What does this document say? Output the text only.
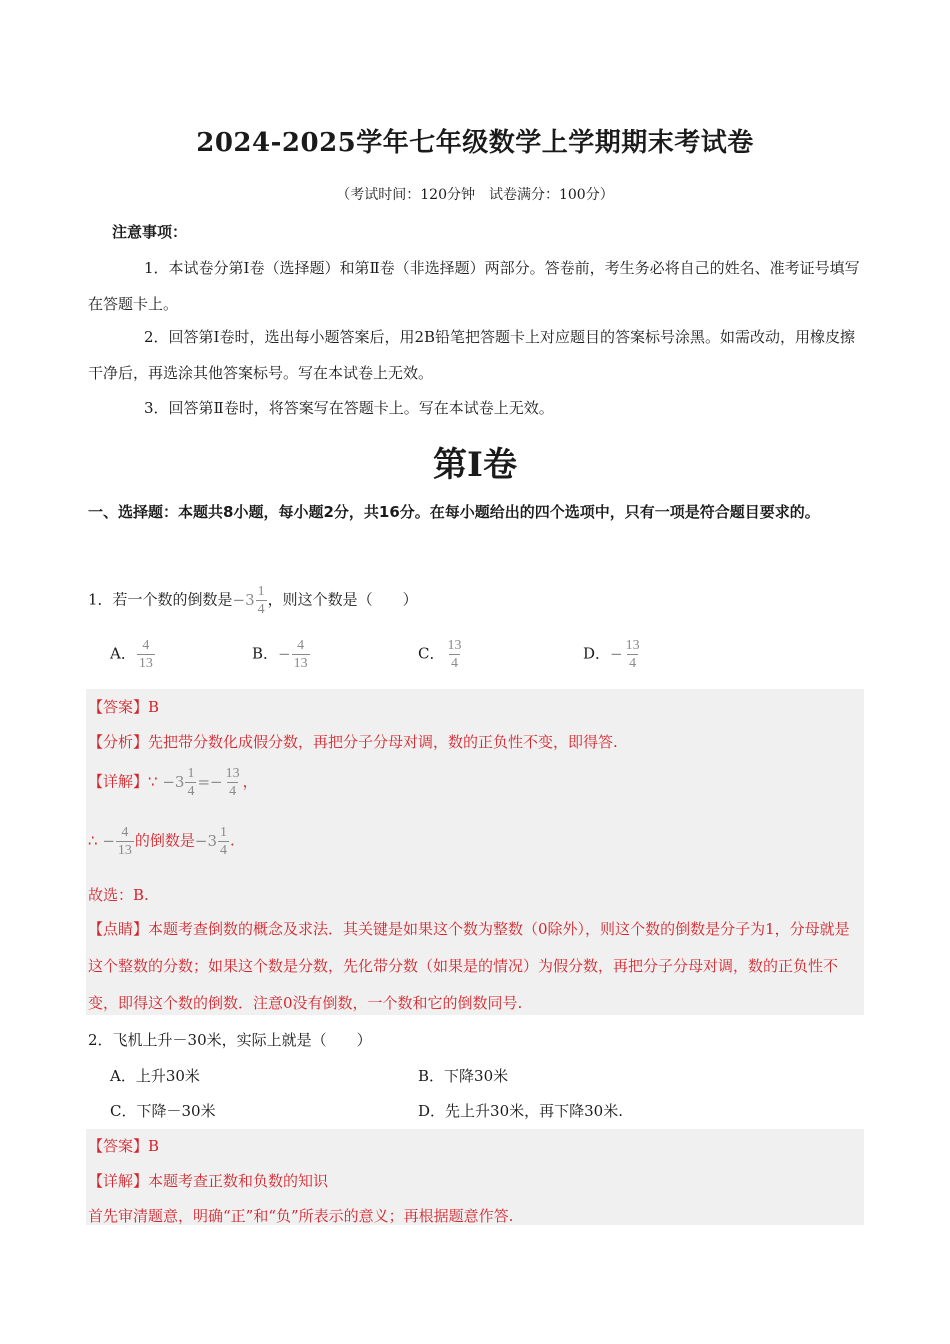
2024-2025学年七年级数学上学期期末考试卷
（考试时间：120分钟　试卷满分：100分）
注意事项：
1．本试卷分第Ⅰ卷（选择题）和第Ⅱ卷（非选择题）两部分。答卷前，考生务必将自己的姓名、准考证号填写在答题卡上。
2．回答第Ⅰ卷时，选出每小题答案后，用2B铅笔把答题卡上对应题目的答案标号涂黑。如需改动，用橡皮擦干净后，再选涂其他答案标号。写在本试卷上无效。
3．回答第Ⅱ卷时，将答案写在答题卡上。写在本试卷上无效。
第Ⅰ卷
一、选择题：本题共8小题，每小题2分，共16分。在每小题给出的四个选项中，只有一项是符合题目要求的。
1．若一个数的倒数是$-3 \frac{1}{4}$ ，则这个数是（　　）
A． $\frac{4}{13}$	B．− $\frac{4}{13}$	C． $\frac{13}{4}$	D．− $\frac{13}{4}$
【答案】B
【分析】先把带分数化成假分数，再把分子分母对调，数的正负性不变，即得答.
【详解】∵ $-3 \frac{1}{4} =- \frac{13}{4}$ ，
∴ − $\frac{4}{13}$ 的倒数是$-3 \frac{1}{4}$ .
故选：B.
【点睛】本题考查倒数的概念及求法．其关键是如果这个数为整数（0除外），则这个数的倒数是分子为1，分母就是这个整数的分数；如果这个数是分数，先化带分数（如果是的情况）为假分数，再把分子分母对调，数的正负性不变，即得这个数的倒数．注意0没有倒数，一个数和它的倒数同号.
2．飞机上升－30米，实际上就是（　　）
A．上升30米	B．下降30米
C．下降－30米	D．先上升30米，再下降30米.
【答案】B
【详解】本题考查正数和负数的知识
首先审清题意，明确“正”和“负”所表示的意义；再根据题意作答.
